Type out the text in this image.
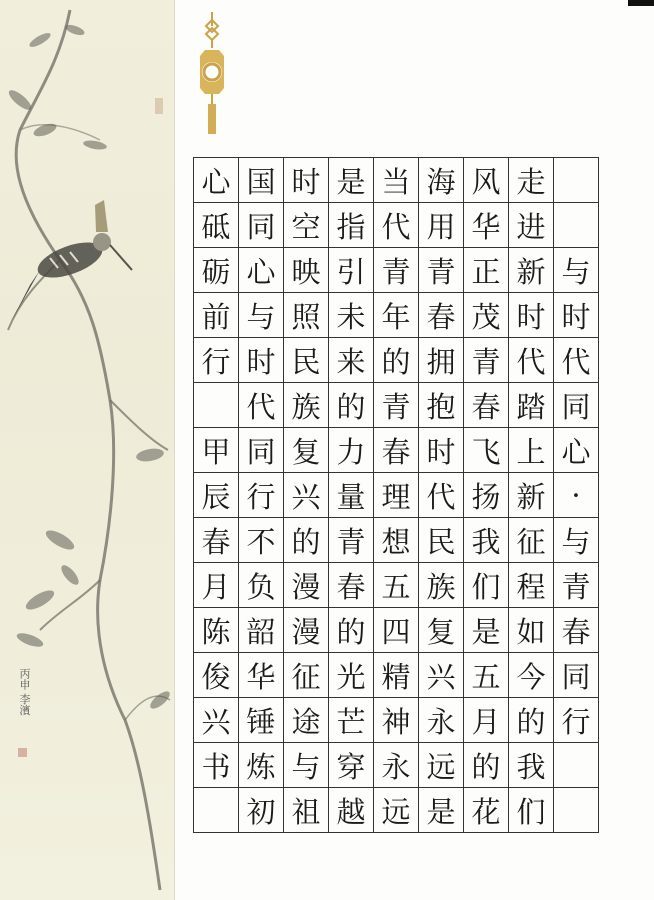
丙申 李濱
心
砥
砺
前
行
甲
辰
春
月
陈
俊
兴
书
国
同
心
与
时
代
同
行
不
负
韶
华
锤
炼
初
时
空
映
照
民
族
复
兴
的
漫
漫
征
途
与
祖
是
指
引
未
来
的
力
量
青
春
的
光
芒
穿
越
当
代
青
年
的
青
春
理
想
五
四
精
神
永
远
海
用
青
春
拥
抱
时
代
民
族
复
兴
永
远
是
风
华
正
茂
青
春
飞
扬
我
们
是
五
月
的
花
走
进
新
时
代
踏
上
新
征
程
如
今
的
我
们
与
时
代
同
心
·
与
青
春
同
行
